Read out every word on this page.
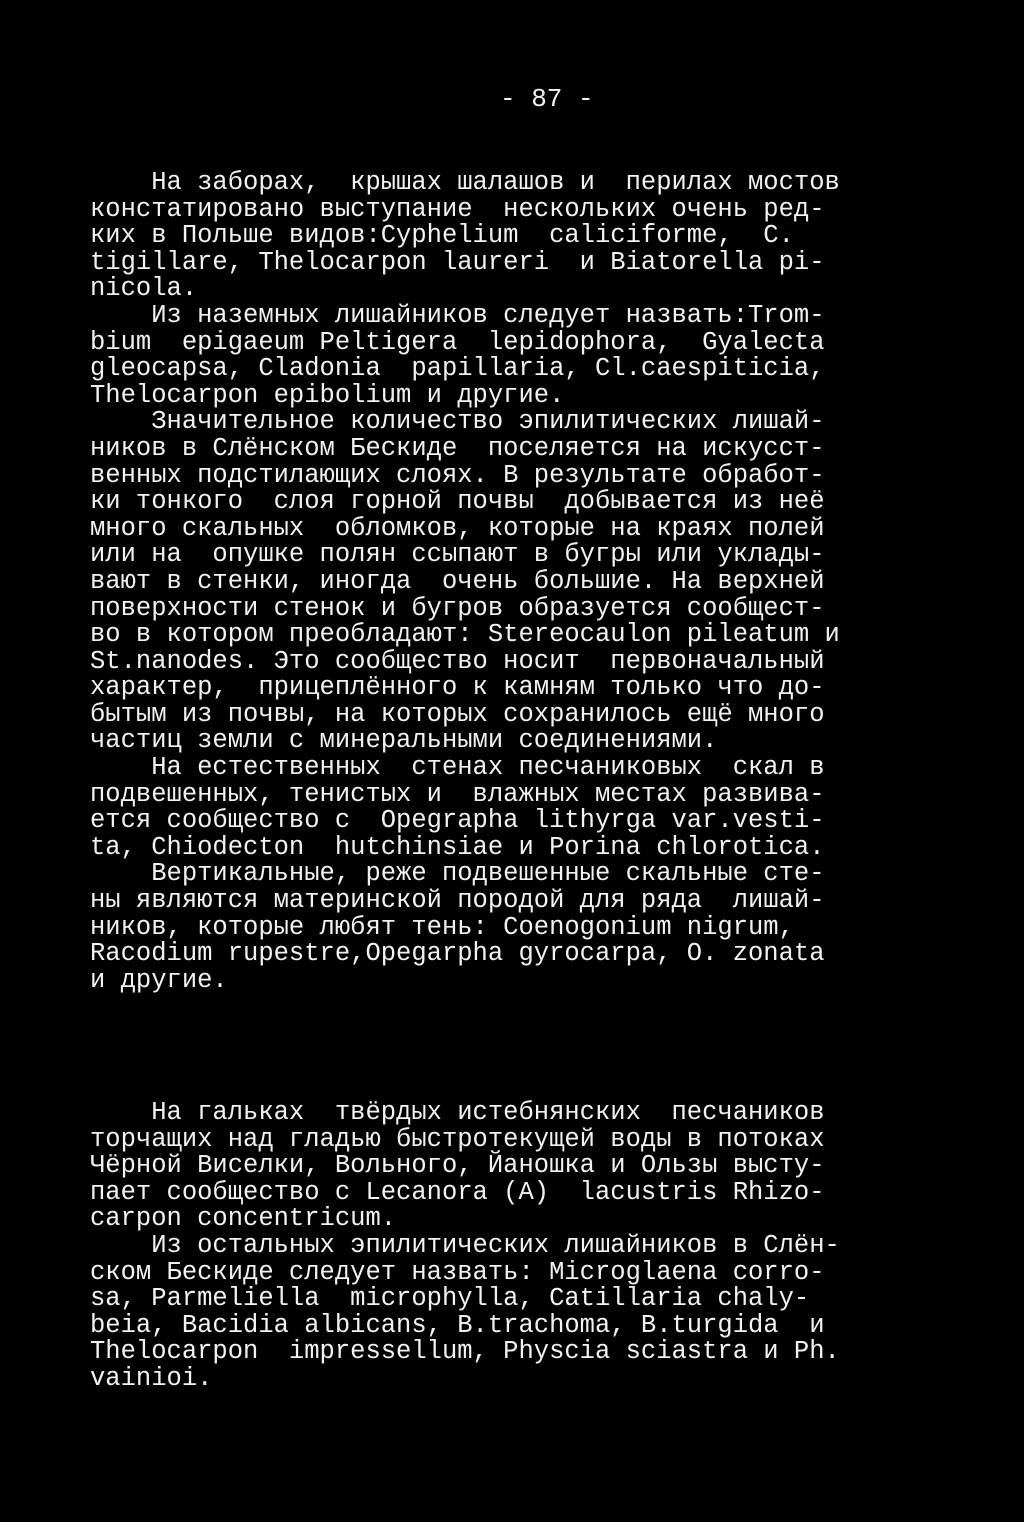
- 87 -
На заборах,  крышах шалашов и  перилах мостов
констатировано выступание  нескольких очень ред-
ких в Польше видов:Cyphelium  caliciforme,  C.
tigillare, Thelocarpon laureri  и Biatorella pi-
nicola.
Из наземных лишайников следует назвать:Trom-
bium  epigaeum Peltigera  lepidophora,  Gyalecta
gleocapsa, Cladonia  papillaria, Cl.caespiticia,
Thelocarpon epibolium и другие.
Значительное количество эпилитических лишай-
ников в Слёнском Бескиде  поселяется на искусст-
венных подстилающих слоях. В результате обработ-
ки тонкого  слоя горной почвы  добывается из неё
много скальных  обломков, которые на краях полей
или на  опушке полян ссыпают в бугры или уклады-
вают в стенки, иногда  очень большие. На верхней
поверхности стенок и бугров образуется сообщест-
во в котором преобладают: Stereocaulon pileatum и
St.nanodes. Это сообщество носит  первоначальный
характер,  прицеплённого к камням только что до-
бытым из почвы, на которых сохранилось ещё много
частиц земли с минеральными соединениями.
На естественных  стенах песчаниковых  скал в
подвешенных, тенистых и  влажных местах развива-
ется сообщество с  Opegrapha lithyrga var.vesti-
ta, Chiodecton  hutchinsiae и Porina chlorotica.
Вертикальные, реже подвешенные скальные сте-
ны являются материнской породой для ряда  лишай-
ников, которые любят тень: Coenogonium nigrum,
Racodium rupestre,Opegarpha gyrocarpa, O. zonata
и другие.
На гальках  твёрдых истебнянских  песчаников
торчащих над гладью быстротекущей воды в потоках
Чёрной Виселки, Вольного, Йаношка и Ользы высту-
пает сообщество с Lecanora (A)  lacustris Rhizo-
carpon concentricum.
Из остальных эпилитических лишайников в Слён-
ском Бескиде следует назвать: Microglaena corro-
sa, Parmeliella  microphylla, Catillaria chaly-
beia, Bacidia albicans, B.trachoma, B.turgida  и
Thelocarpon  impressellum, Physcia sciastra и Ph.
vainioi.
